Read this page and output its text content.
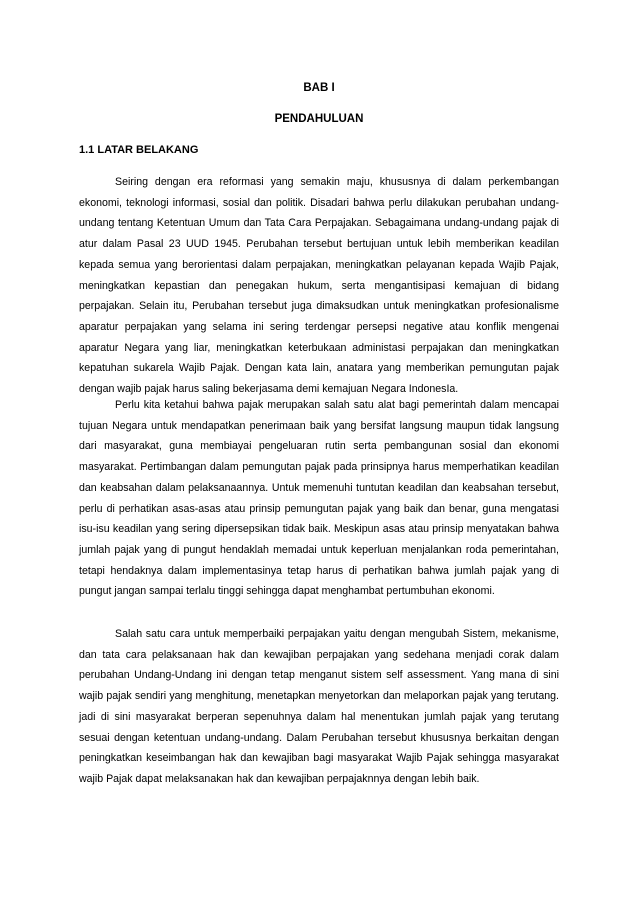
BAB I
PENDAHULUAN
1.1 LATAR BELAKANG

Seiring dengan era reformasi yang semakin maju, khususnya di dalam perkembangan ekonomi, teknologi informasi, sosial dan politik. Disadari bahwa perlu dilakukan perubahan undang-undang tentang Ketentuan Umum dan Tata Cara Perpajakan. Sebagaimana undang-undang pajak di atur dalam Pasal 23 UUD 1945. Perubahan tersebut bertujuan untuk lebih memberikan keadilan kepada semua yang berorientasi dalam perpajakan, meningkatkan pelayanan kepada Wajib Pajak, meningkatkan kepastian dan penegakan hukum, serta mengantisipasi kemajuan di bidang perpajakan. Selain itu, Perubahan tersebut juga dimaksudkan untuk meningkatkan profesionalisme aparatur perpajakan yang selama ini sering terdengar persepsi negative atau konflik mengenai aparatur Negara yang liar, meningkatkan keterbukaan administasi perpajakan dan meningkatkan kepatuhan sukarela Wajib Pajak. Dengan kata lain, anatara yang memberikan pemungutan pajak dengan wajib pajak harus saling bekerjasama demi kemajuan Negara IndonesIa.

Perlu kita ketahui bahwa pajak merupakan salah satu alat bagi pemerintah dalam mencapai tujuan Negara untuk mendapatkan penerimaan baik yang bersifat langsung maupun tidak langsung dari masyarakat, guna membiayai pengeluaran rutin serta pembangunan sosial dan ekonomi masyarakat. Pertimbangan dalam pemungutan pajak pada prinsipnya harus memperhatikan keadilan dan keabsahan dalam pelaksanaannya. Untuk memenuhi tuntutan keadilan dan keabsahan tersebut, perlu di perhatikan asas-asas atau prinsip pemungutan pajak yang baik dan benar, guna mengatasi isu-isu keadilan yang sering dipersepsikan tidak baik. Meskipun asas atau prinsip menyatakan bahwa jumlah pajak yang di pungut hendaklah memadai untuk keperluan menjalankan roda pemerintahan, tetapi hendaknya dalam implementasinya tetap harus di perhatikan bahwa jumlah pajak yang di pungut jangan sampai terlalu tinggi sehingga dapat menghambat pertumbuhan ekonomi.

Salah satu cara untuk memperbaiki perpajakan yaitu dengan mengubah Sistem, mekanisme, dan tata cara pelaksanaan hak dan kewajiban perpajakan yang sedehana menjadi corak dalam perubahan Undang-Undang ini dengan tetap menganut sistem self assessment. Yang mana di sini wajib pajak sendiri yang menghitung, menetapkan menyetorkan dan melaporkan pajak yang terutang. jadi di sini masyarakat berperan sepenuhnya dalam hal menentukan jumlah pajak yang terutang sesuai dengan ketentuan undang-undang. Dalam Perubahan tersebut khususnya berkaitan dengan peningkatkan keseimbangan hak dan kewajiban bagi masyarakat Wajib Pajak sehingga masyarakat wajib Pajak dapat melaksanakan hak dan kewajiban perpajaknnya dengan lebih baik.
